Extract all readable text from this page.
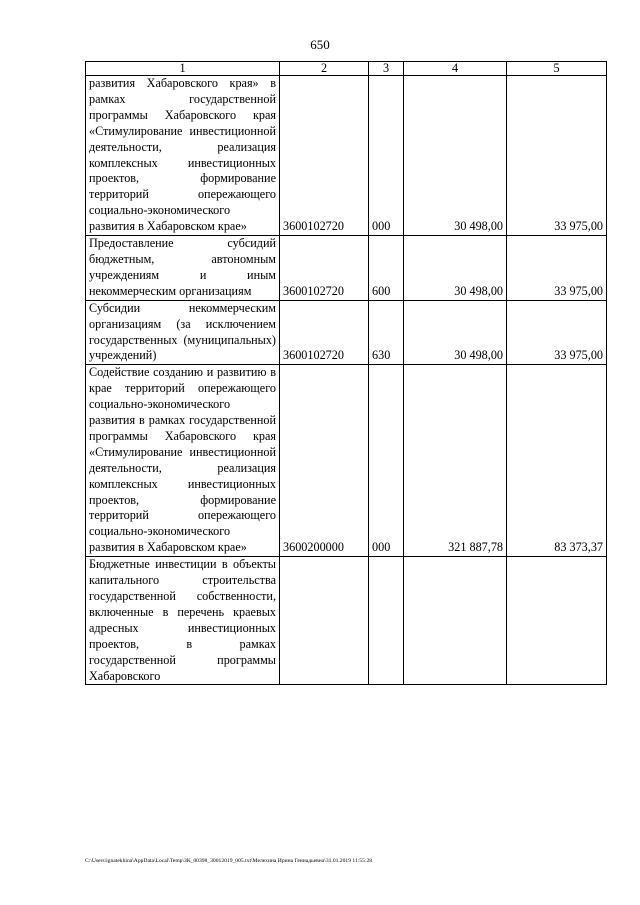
650
1	2	3	4	5
развития Хабаровского края» в рамках государственной программы Хабаровского края «Стимулирование инвестиционной деятельности, реализация комплексных инвестиционных проектов, формирование территорий опережающего социально-экономического развития в Хабаровском крае»	3600102720	000	30 498,00	33 975,00
Предоставление субсидий бюджетным, автономным учреждениям и иным некоммерческим организациям	3600102720	600	30 498,00	33 975,00
Субсидии некоммерческим организациям (за исключением государственных (муниципальных) учреждений)	3600102720	630	30 498,00	33 975,00
Содействие созданию и развитию в крае территорий опережающего социально-экономического развития в рамках государственной программы Хабаровского края «Стимулирование инвестиционной деятельности, реализация комплексных инвестиционных проектов, формирование территорий опережающего социально-экономического развития в Хабаровском крае»	3600200000	000	321 887,78	83 373,37
Бюджетные инвестиции в объекты капитального строительства государственной собственности, включенные в перечень краевых адресных инвестиционных проектов, в рамках государственной программы Хабаровского				
C:\Users\ignatekhina\AppData\Local\Temp\ЗК_00398_30012019_005.txt\Мелехина Ирина Геннадьевна\31.01.2019 11:55:28
